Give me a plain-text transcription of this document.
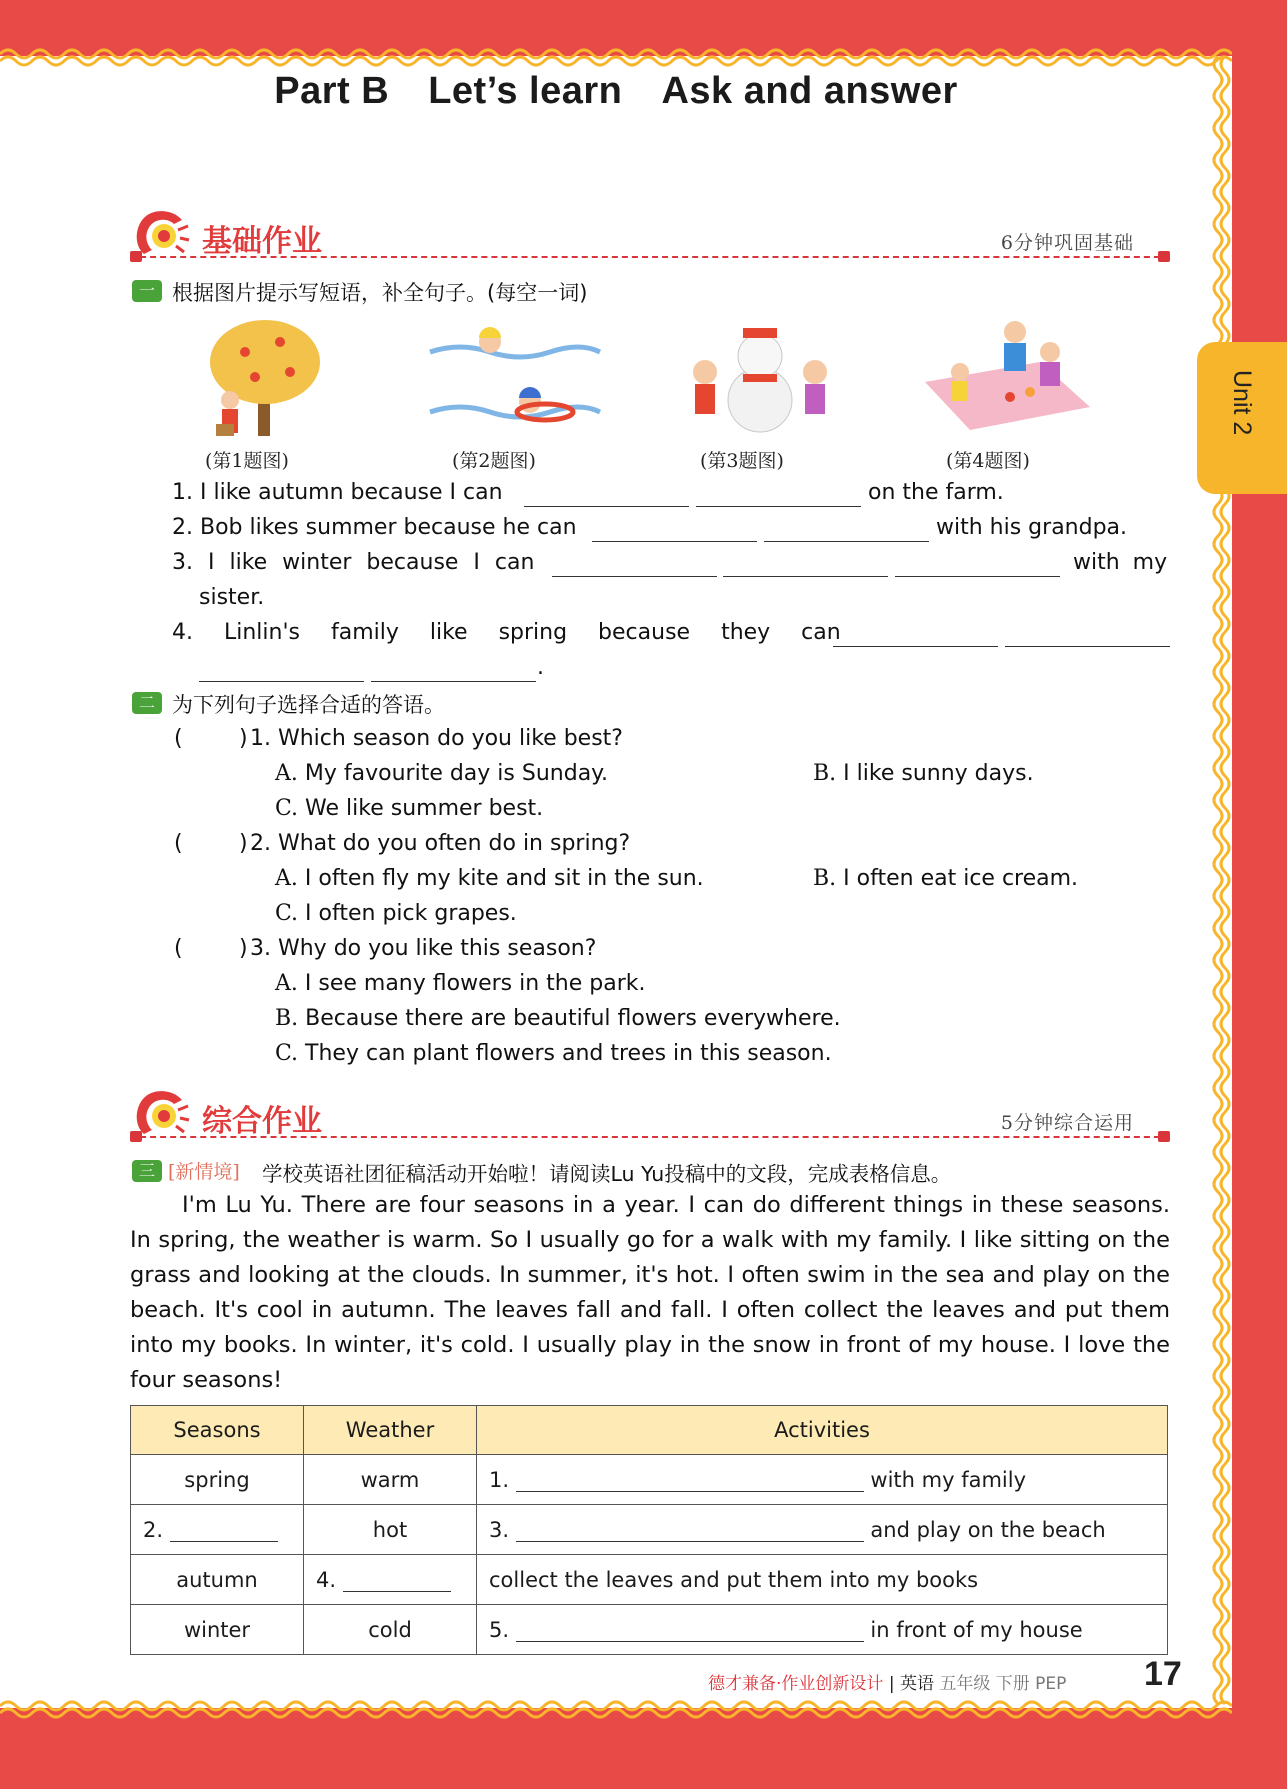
Unit 2
Part B Let’s learn Ask and answer
基础作业	6分钟巩固基础
一 根据图片提示写短语，补全句子。(每空一词)
(第1题图)	(第2题图)	(第3题图)	(第4题图)
1. I like autumn because I can	on the farm.
2. Bob likes summer because he can	with his grandpa.
3. I like winter because I can	with my
sister.
4. Linlin's family like spring because they can
.
二 为下列句子选择合适的答语。
(	) 1. Which season do you like best?
A. My favourite day is Sunday.	B. I like sunny days.
C. We like summer best.
(	) 2. What do you often do in spring?
A. I often fly my kite and sit in the sun.	B. I often eat ice cream.
C. I often pick grapes.
(	) 3. Why do you like this season?
A. I see many flowers in the park.
B. Because there are beautiful flowers everywhere.
C. They can plant flowers and trees in this season.
综合作业	5分钟综合运用
三 [新情境] 学校英语社团征稿活动开始啦！请阅读Lu Yu投稿中的文段，完成表格信息。
I'm Lu Yu. There are four seasons in a year. I can do different things in these seasons. In spring, the weather is warm. So I usually go for a walk with my family. I like sitting on the grass and looking at the clouds. In summer, it's hot. I often swim in the sea and play on the beach. It's cool in autumn. The leaves fall and fall. I often collect the leaves and put them into my books. In winter, it's cold. I usually play in the snow in front of my house. I love the four seasons!
Seasons	Weather	Activities
spring	warm	1. with my family
2.	hot	3. and play on the beach
autumn	4.	collect the leaves and put them into my books
winter	cold	5. in front of my house
德才兼备·作业创新设计 | 英语 五年级 下册 PEP 17
